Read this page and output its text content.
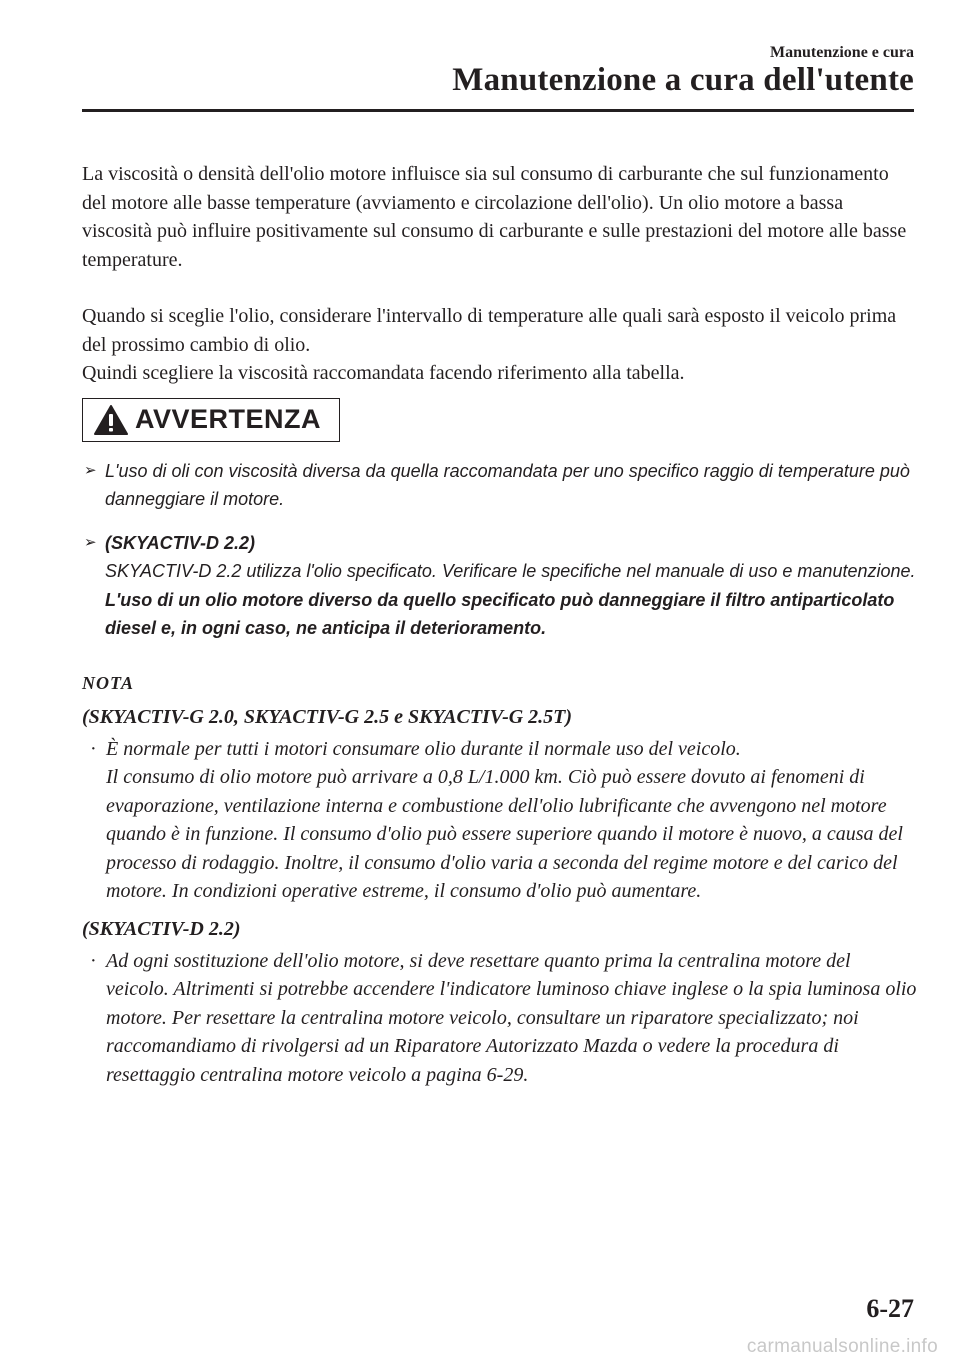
Manutenzione e cura
Manutenzione a cura dell'utente

La viscosità o densità dell'olio motore influisce sia sul consumo di carburante che sul funzionamento del motore alle basse temperature (avviamento e circolazione dell'olio). Un olio motore a bassa viscosità può influire positivamente sul consumo di carburante e sulle prestazioni del motore alle basse temperature.

Quando si sceglie l'olio, considerare l'intervallo di temperature alle quali sarà esposto il veicolo prima del prossimo cambio di olio.

Quindi scegliere la viscosità raccomandata facendo riferimento alla tabella.

AVVERTENZA
➢ L'uso di oli con viscosità diversa da quella raccomandata per uno specifico raggio di temperature può danneggiare il motore.
➢ (SKYACTIV-D 2.2)
SKYACTIV-D 2.2 utilizza l'olio specificato. Verificare le specifiche nel manuale di uso e manutenzione. L'uso di un olio motore diverso da quello specificato può danneggiare il filtro antiparticolato diesel e, in ogni caso, ne anticipa il deterioramento.
NOTA
(SKYACTIV-G 2.0, SKYACTIV-G 2.5 e SKYACTIV-G 2.5T)
· È normale per tutti i motori consumare olio durante il normale uso del veicolo.
Il consumo di olio motore può arrivare a 0,8 L/1.000 km. Ciò può essere dovuto ai fenomeni di evaporazione, ventilazione interna e combustione dell'olio lubrificante che avvengono nel motore quando è in funzione. Il consumo d'olio può essere superiore quando il motore è nuovo, a causa del processo di rodaggio. Inoltre, il consumo d'olio varia a seconda del regime motore e del carico del motore. In condizioni operative estreme, il consumo d'olio può aumentare.
(SKYACTIV-D 2.2)
· Ad ogni sostituzione dell'olio motore, si deve resettare quanto prima la centralina motore del veicolo. Altrimenti si potrebbe accendere l'indicatore luminoso chiave inglese o la spia luminosa olio motore. Per resettare la centralina motore veicolo, consultare un riparatore specializzato; noi raccomandiamo di rivolgersi ad un Riparatore Autorizzato Mazda o vedere la procedura di resettaggio centralina motore veicolo a pagina 6-29.
6-27
carmanualsonline.info
